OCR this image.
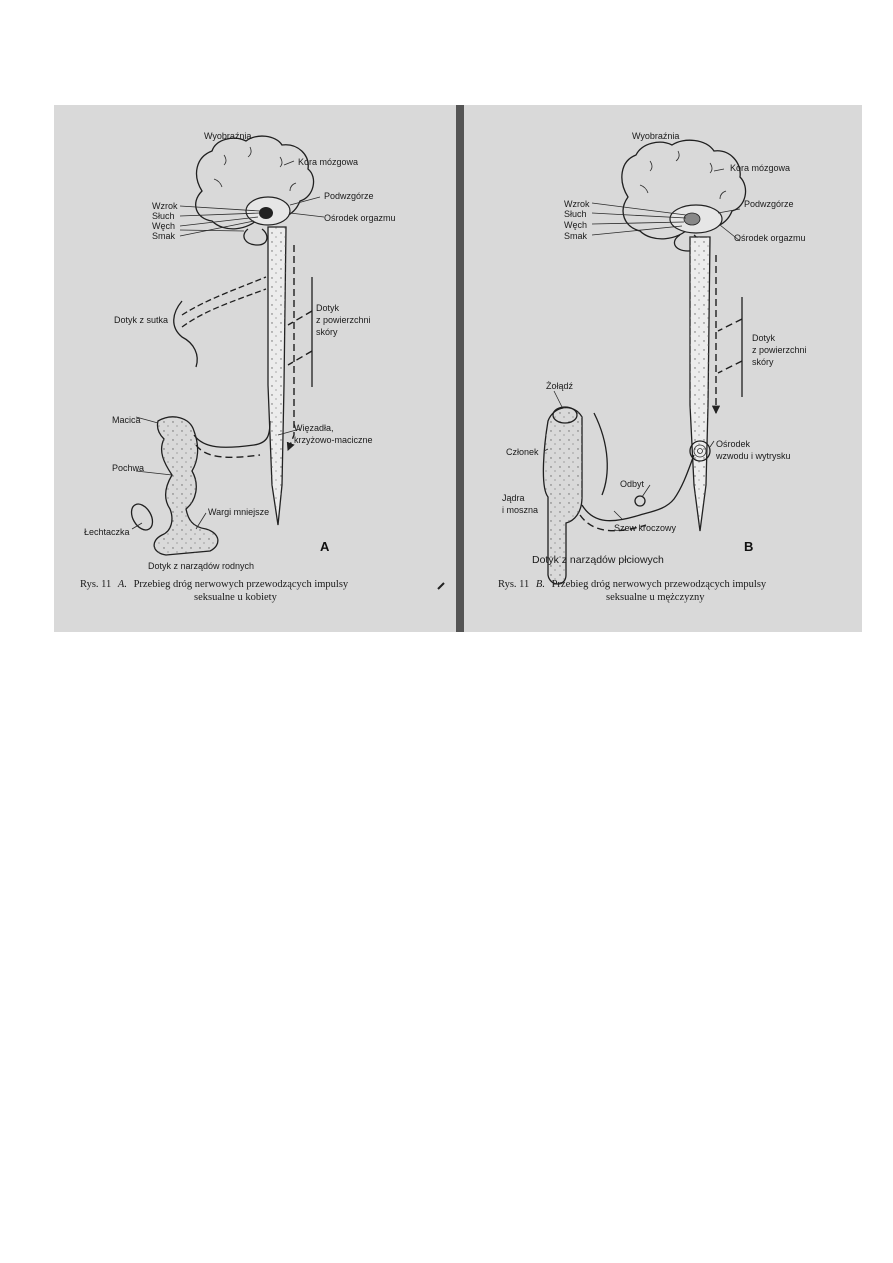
Wyobraźnia
Kora mózgowa
Podwzgórze
Wzrok
Słuch
Węch
Smak
Ośrodek orgazmu
Dotyk z sutka
Dotyk
z powierzchni
skóry
Macica
Więzadła,
krzyżowo-maciczne
Pochwa
Wargi mniejsze
Łechtaczka
Dotyk z narządów rodnych
A
Rys. 11 A. Przebieg dróg nerwowych przewodzących impulsy
seksualne u kobiety
Wyobraźnia
Kora mózgowa
Podwzgórze
Wzrok
Słuch
Węch
Smak	Ośrodek orgazmu
Dotyk
z powierzchni
skóry
Żołądź
Członek
Ośrodek
wzwodu i wytrysku
Odbyt
Jądra
i moszna
Szew kroczowy
Dotyk z narządów płciowych
B
Rys. 11 B. Przebieg dróg nerwowych przewodzących impulsy
seksualne u mężczyzny
